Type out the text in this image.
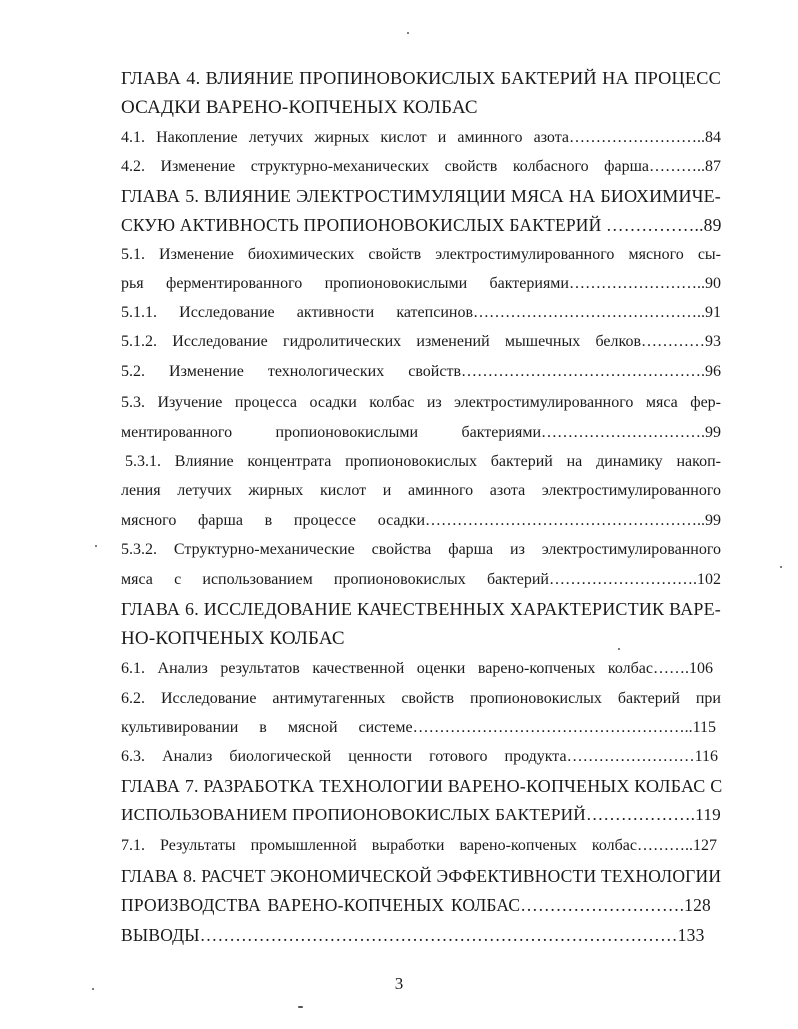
ГЛАВА 4. ВЛИЯНИЕ ПРОПИНОВОКИСЛЫХ БАКТЕРИЙ НА ПРОЦЕСС
ОСАДКИ ВАРЕНО-КОПЧЕНЫХ КОЛБАС
4.1. Накопление летучих жирных кислот и аминного азота……………………..84
4.2. Изменение структурно-механических свойств колбасного фарша………..87
ГЛАВА 5. ВЛИЯНИЕ ЭЛЕКТРОСТИМУЛЯЦИИ МЯСА НА БИОХИМИЧЕ-
СКУЮ АКТИВНОСТЬ ПРОПИОНОВОКИСЛЫХ БАКТЕРИЙ ……………..89
5.1. Изменение биохимических свойств электростимулированного мясного сы-
рья ферментированного пропионовокислыми бактериями……………………..90
5.1.1. Исследование активности катепсинов……………………………………..91
5.1.2. Исследование гидролитических изменений мышечных белков…………93
5.2. Изменение технологических свойств……………………………………….96
5.3. Изучение процесса осадки колбас из электростимулированного мяса фер-
ментированного пропионовокислыми бактериями………………………….99
5.3.1. Влияние концентрата пропионовокислых бактерий на динамику накоп-
ления летучих жирных кислот и аминного азота электростимулированного
мясного фарша в процессе осадки……………………………………………..99
5.3.2. Структурно-механические свойства фарша из электростимулированного
мяса с использованием пропионовокислых бактерий……………………….102
ГЛАВА 6. ИССЛЕДОВАНИЕ КАЧЕСТВЕННЫХ ХАРАКТЕРИСТИК ВАРЕ-
НО-КОПЧЕНЫХ КОЛБАС
6.1. Анализ результатов качественной оценки варено-копченых колбас…….106
6.2. Исследование антимутагенных свойств пропионовокислых бактерий при
культивировании в мясной системе……………………………………………..115
6.3. Анализ биологической ценности готового продукта……………………116
ГЛАВА 7. РАЗРАБОТКА ТЕХНОЛОГИИ ВАРЕНО-КОПЧЕНЫХ КОЛБАС С
ИСПОЛЬЗОВАНИЕМ ПРОПИОНОВОКИСЛЫХ БАКТЕРИЙ……………….119
7.1. Результаты промышленной выработки варено-копченых колбас………..127
ГЛАВА 8. РАСЧЕТ ЭКОНОМИЧЕСКОЙ ЭФФЕКТИВНОСТИ ТЕХНОЛОГИИ
ПРОИЗВОДСТВА ВАРЕНО-КОПЧЕНЫХ КОЛБАС……………………….128
ВЫВОДЫ………………………………………………………………………133
3
